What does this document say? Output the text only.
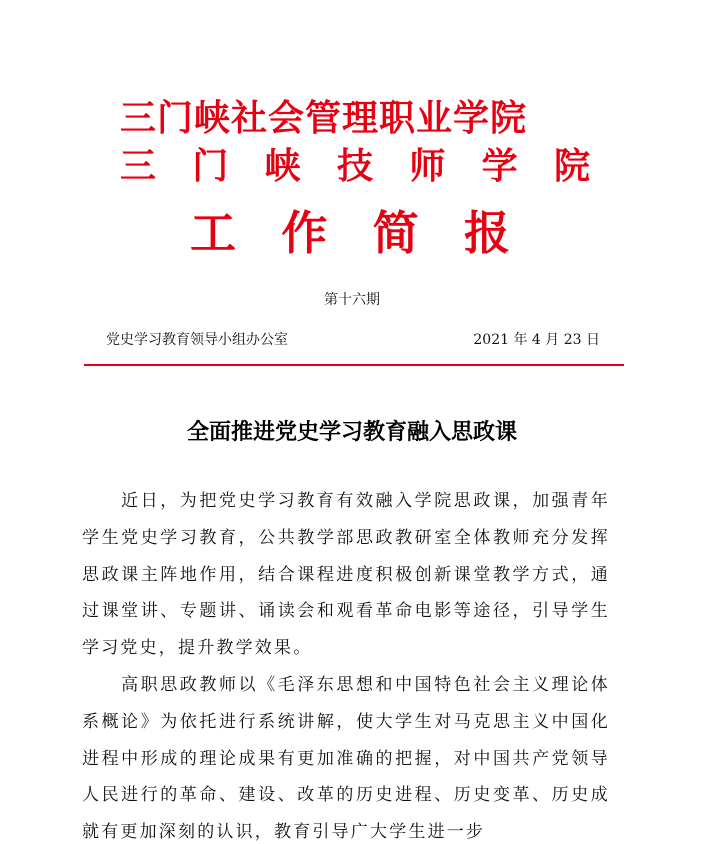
三门峡社会管理职业学院
三 门 峡 技 师 学 院
工 作 简 报
第十六期
党史学习教育领导小组办公室	2021 年 4 月 23 日
全面推进党史学习教育融入思政课

近日，为把党史学习教育有效融入学院思政课，加强青年学生党史学习教育，公共教学部思政教研室全体教师充分发挥思政课主阵地作用，结合课程进度积极创新课堂教学方式，通过课堂讲、专题讲、诵读会和观看革命电影等途径，引导学生学习党史，提升教学效果。

高职思政教师以《毛泽东思想和中国特色社会主义理论体系概论》为依托进行系统讲解，使大学生对马克思主义中国化进程中形成的理论成果有更加准确的把握，对中国共产党领导人民进行的革命、建设、改革的历史进程、历史变革、历史成就有更加深刻的认识，教育引导广大学生进一步
